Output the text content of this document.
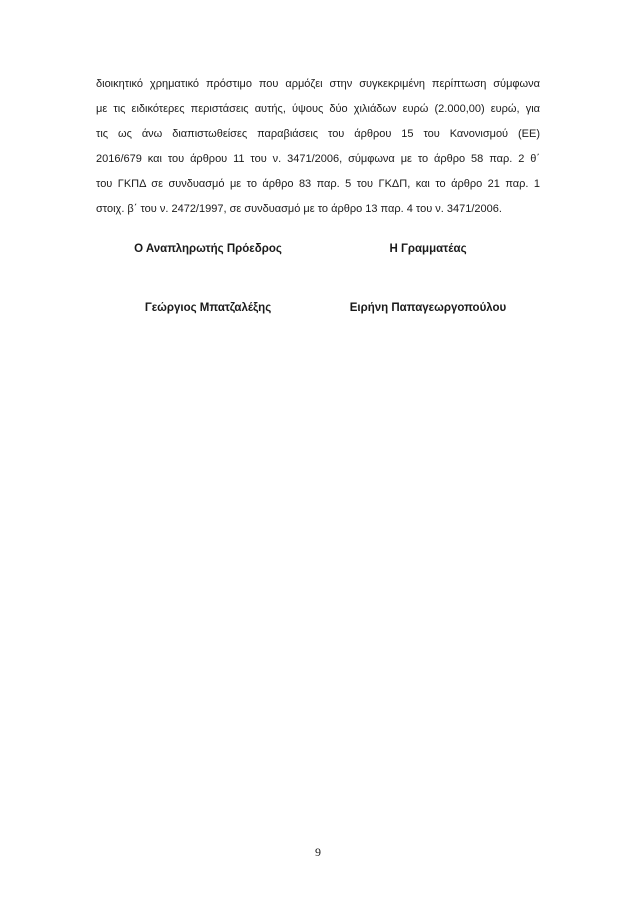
διοικητικό χρηματικό πρόστιμο που αρμόζει στην συγκεκριμένη περίπτωση σύμφωνα
με τις ειδικότερες περιστάσεις αυτής, ύψους δύο χιλιάδων ευρώ (2.000,00) ευρώ, για
τις ως άνω διαπιστωθείσες παραβιάσεις του άρθρου 15 του Κανονισμού (ΕΕ)
2016/679 και του άρθρου 11 του ν. 3471/2006, σύμφωνα με το άρθρο 58 παρ. 2 θ΄
του ΓΚΠΔ σε συνδυασμό με το άρθρο 83 παρ. 5 του ΓΚΔΠ, και το άρθρο 21 παρ. 1
στοιχ. β΄ του ν. 2472/1997, σε συνδυασμό με το άρθρο 13 παρ. 4 του ν. 3471/2006.
Ο Αναπληρωτής Πρόεδρος	Η Γραμματέας
Γεώργιος Μπατζαλέξης	Ειρήνη Παπαγεωργοπούλου
9
